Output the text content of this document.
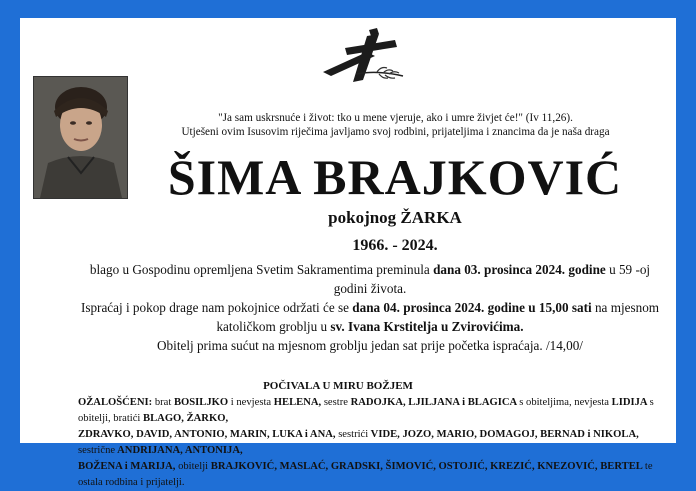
"Ja sam uskrsnuće i život: tko u mene vjeruje, ako i umre živjet će!" (Iv 11,26).
Utješeni ovim Isusovim riječima javljamo svoj rodbini, prijateljima i znancima da je naša draga
ŠIMA BRAJKOVIĆ
pokojnog ŽARKA
1966. - 2024.

blago u Gospodinu opremljena Svetim Sakramentima preminula dana 03. prosinca 2024. godine u 59 -oj godini života.

Ispraćaj i pokop drage nam pokojnice održati će se dana 04. prosinca 2024. godine u 15,00 sati na mjesnom katoličkom groblju u sv. Ivana Krstitelja u Zvirovićima.

Obitelj prima sućut na mjesnom groblju jedan sat prije početka ispraćaja. /14,00/

POČIVALA U MIRU BOŽJEM
OŽALOŠĆENI: brat BOSILJKO i nevjesta HELENA, sestre RADOJKA, LJILJANA i BLAGICA s obiteljima, nevjesta LIDIJA s obitelji, bratići BLAGO, ŽARKO,
ZDRAVKO, DAVID, ANTONIO, MARIN, LUKA i ANA, sestrići VIDE, JOZO, MARIO, DOMAGOJ, BERNAD i NIKOLA, sestrične ANDRIJANA, ANTONIJA,
BOŽENA i MARIJA, obitelji BRAJKOVIĆ, MASLAĆ, GRADSKI, ŠIMOVIĆ, OSTOJIĆ, KREZIĆ, KNEZOVIĆ, BERTEL te ostala rodbina i prijatelji.
